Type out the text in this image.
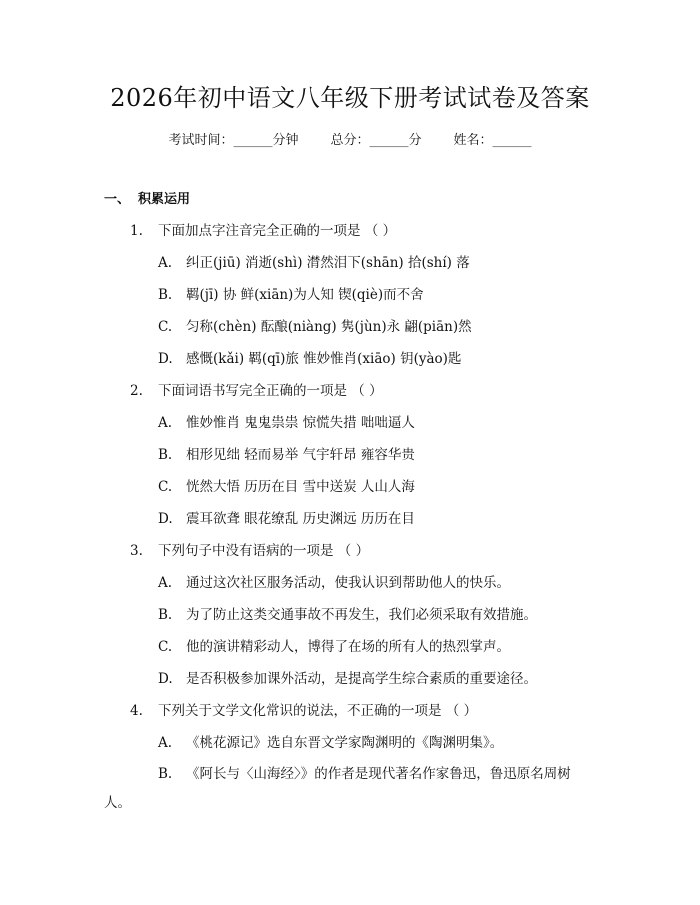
2026年初中语文八年级下册考试试卷及答案
考试时间：______分钟 总分：______分 姓名：______
一、 积累运用
1. 下面加点字注音完全正确的一项是 （ ）
A. 纠正(jiū) 消逝(shì) 潸然泪下(shān) 拾(shí) 落
B. 羁(jī) 协 鲜(xiān)为人知 锲(qiè)而不舍
C. 匀称(chèn) 酝酿(niàng) 隽(jùn)永 翩(piān)然
D. 感慨(kǎi) 羁(qī)旅 惟妙惟肖(xiāo) 钥(yào)匙
2. 下面词语书写完全正确的一项是 （ ）
A. 惟妙惟肖 鬼鬼祟祟 惊慌失措 咄咄逼人
B. 相形见绌 轻而易举 气宇轩昂 雍容华贵
C. 恍然大悟 历历在目 雪中送炭 人山人海
D. 震耳欲聋 眼花缭乱 历史渊远 历历在目
3. 下列句子中没有语病的一项是 （ ）
A. 通过这次社区服务活动，使我认识到帮助他人的快乐。
B. 为了防止这类交通事故不再发生，我们必须采取有效措施。
C. 他的演讲精彩动人，博得了在场的所有人的热烈掌声。
D. 是否积极参加课外活动，是提高学生综合素质的重要途径。
4. 下列关于文学文化常识的说法，不正确的一项是 （ ）
A. 《桃花源记》选自东晋文学家陶渊明的《陶渊明集》。
B. 《阿长与〈山海经〉》的作者是现代著名作家鲁迅，鲁迅原名周树人。
